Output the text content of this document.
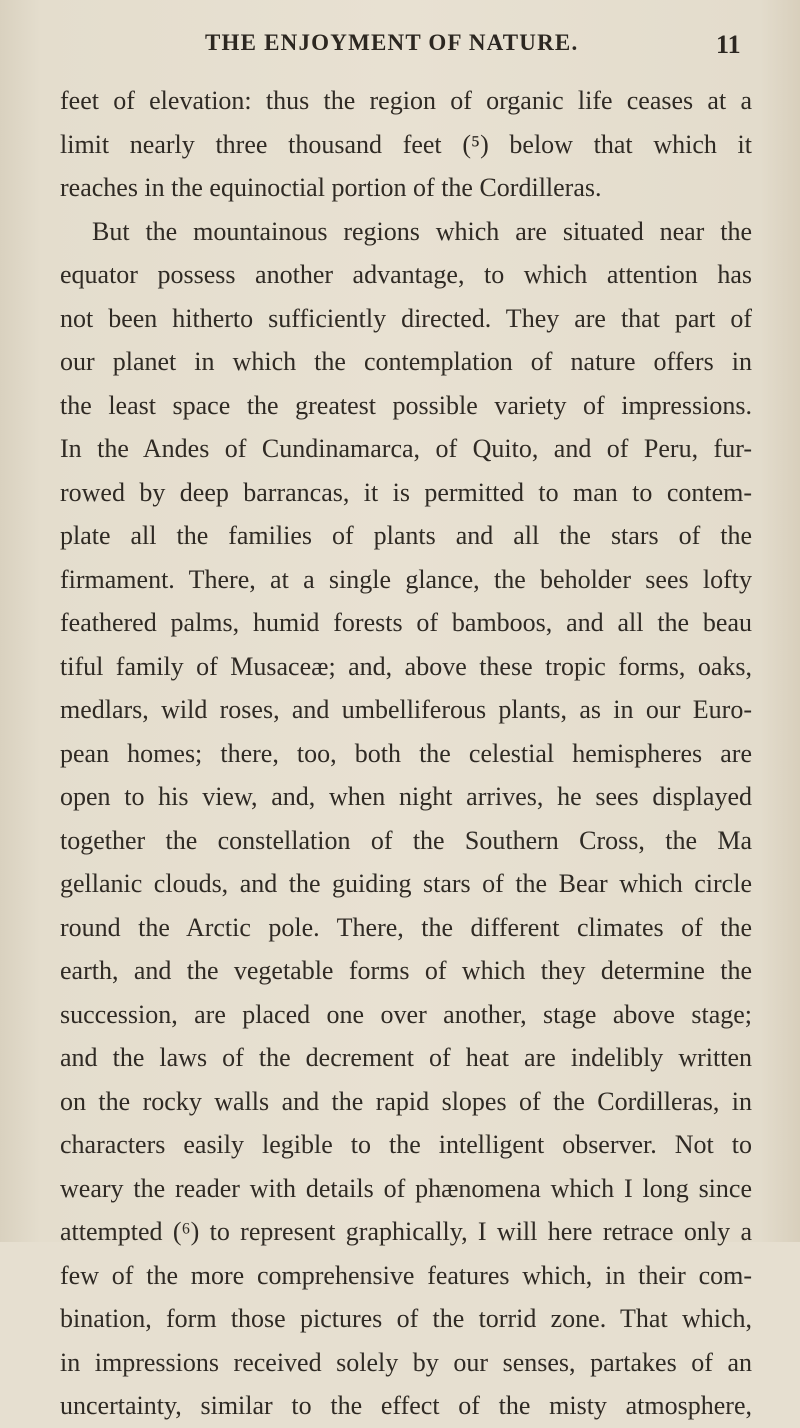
THE ENJOYMENT OF NATURE.	11
feet of elevation: thus the region of organic life ceases at a
limit nearly three thousand feet (⁵) below that which it
reaches in the equinoctial portion of the Cordilleras.
But the mountainous regions which are situated near the
equator possess another advantage, to which attention has
not been hitherto sufficiently directed. They are that part of
our planet in which the contemplation of nature offers in
the least space the greatest possible variety of impressions.
In the Andes of Cundinamarca, of Quito, and of Peru, fur-
rowed by deep barrancas, it is permitted to man to contem-
plate all the families of plants and all the stars of the
firmament. There, at a single glance, the beholder sees lofty
feathered palms, humid forests of bamboos, and all the beau
tiful family of Musaceæ; and, above these tropic forms, oaks,
medlars, wild roses, and umbelliferous plants, as in our Euro-
pean homes; there, too, both the celestial hemispheres are
open to his view, and, when night arrives, he sees displayed
together the constellation of the Southern Cross, the Ma
gellanic clouds, and the guiding stars of the Bear which circle
round the Arctic pole. There, the different climates of the
earth, and the vegetable forms of which they determine the
succession, are placed one over another, stage above stage;
and the laws of the decrement of heat are indelibly written
on the rocky walls and the rapid slopes of the Cordilleras, in
characters easily legible to the intelligent observer. Not to
weary the reader with details of phænomena which I long since
attempted (⁶) to represent graphically, I will here retrace only a
few of the more comprehensive features which, in their com-
bination, form those pictures of the torrid zone. That which,
in impressions received solely by our senses, partakes of an
uncertainty, similar to the effect of the misty atmosphere,
